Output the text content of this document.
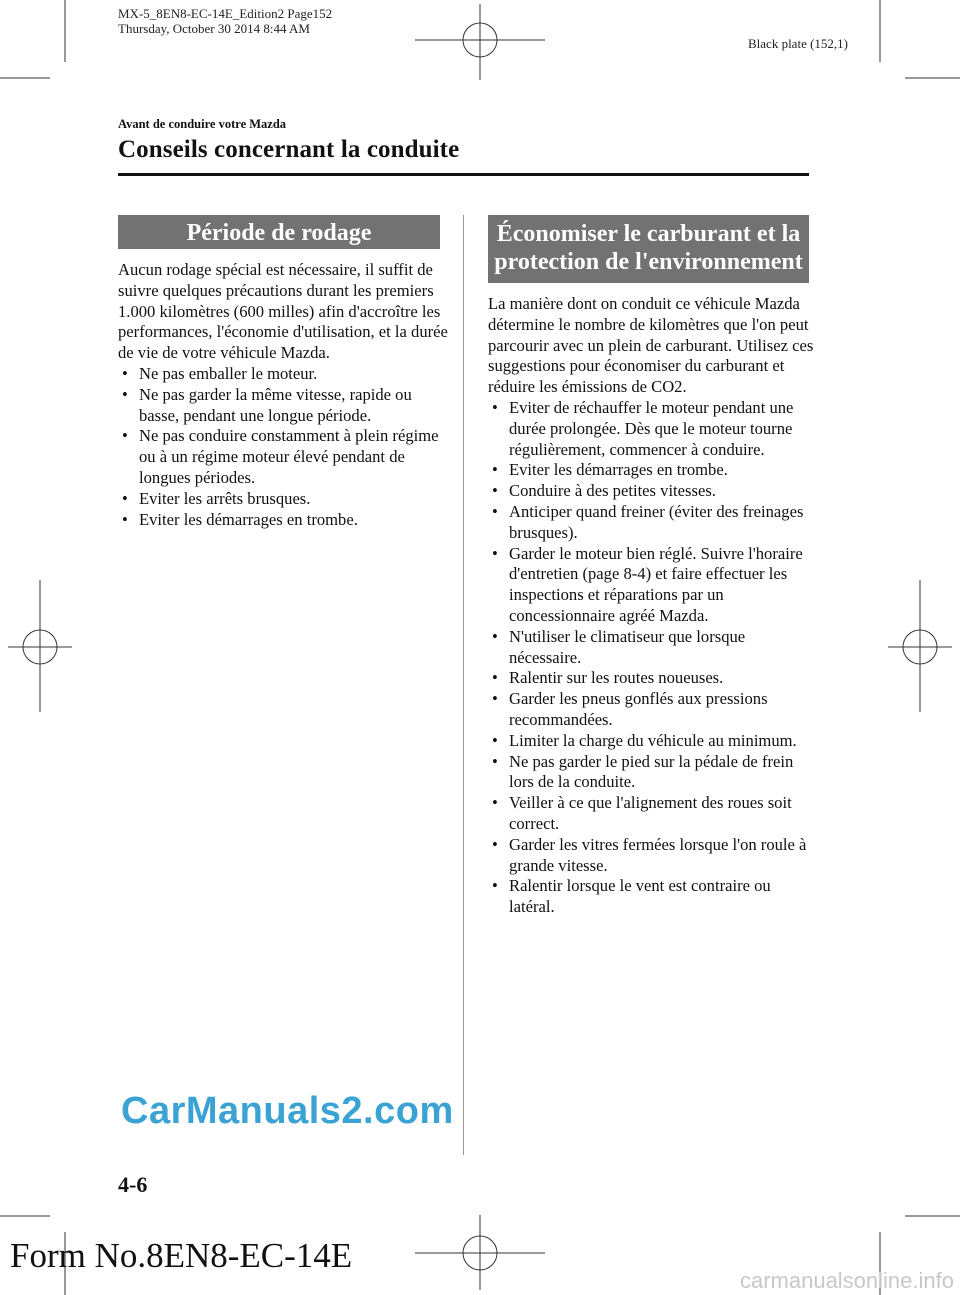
MX-5_8EN8-EC-14E_Edition2 Page152
Thursday, October 30 2014 8:44 AM
Black plate (152,1)
Avant de conduire votre Mazda
Conseils concernant la conduite
Période de rodage

Aucun rodage spécial est nécessaire, il suffit de suivre quelques précautions durant les premiers 1.000 kilomètres (600 milles) afin d'accroître les performances, l'économie d'utilisation, et la durée de vie de votre véhicule Mazda.

• Ne pas emballer le moteur.
• Ne pas garder la même vitesse, rapide ou basse, pendant une longue période.
• Ne pas conduire constamment à plein régime ou à un régime moteur élevé pendant de longues périodes.
• Eviter les arrêts brusques.
• Eviter les démarrages en trombe.
Économiser le carburant et la
protection de l'environnement

La manière dont on conduit ce véhicule Mazda détermine le nombre de kilomètres que l'on peut parcourir avec un plein de carburant. Utilisez ces suggestions pour économiser du carburant et réduire les émissions de CO2.

• Eviter de réchauffer le moteur pendant une durée prolongée. Dès que le moteur tourne régulièrement, commencer à conduire.
• Eviter les démarrages en trombe.
• Conduire à des petites vitesses.
• Anticiper quand freiner (éviter des freinages brusques).
• Garder le moteur bien réglé. Suivre l'horaire d'entretien (page 8-4) et faire effectuer les inspections et réparations par un concessionnaire agréé Mazda.
• N'utiliser le climatiseur que lorsque nécessaire.
• Ralentir sur les routes noueuses.
• Garder les pneus gonflés aux pressions recommandées.
• Limiter la charge du véhicule au minimum.
• Ne pas garder le pied sur la pédale de frein lors de la conduite.
• Veiller à ce que l'alignement des roues soit correct.
• Garder les vitres fermées lorsque l'on roule à grande vitesse.
• Ralentir lorsque le vent est contraire ou latéral.
CarManuals2.com
4-6
Form No.8EN8-EC-14E
carmanualsonline.info
